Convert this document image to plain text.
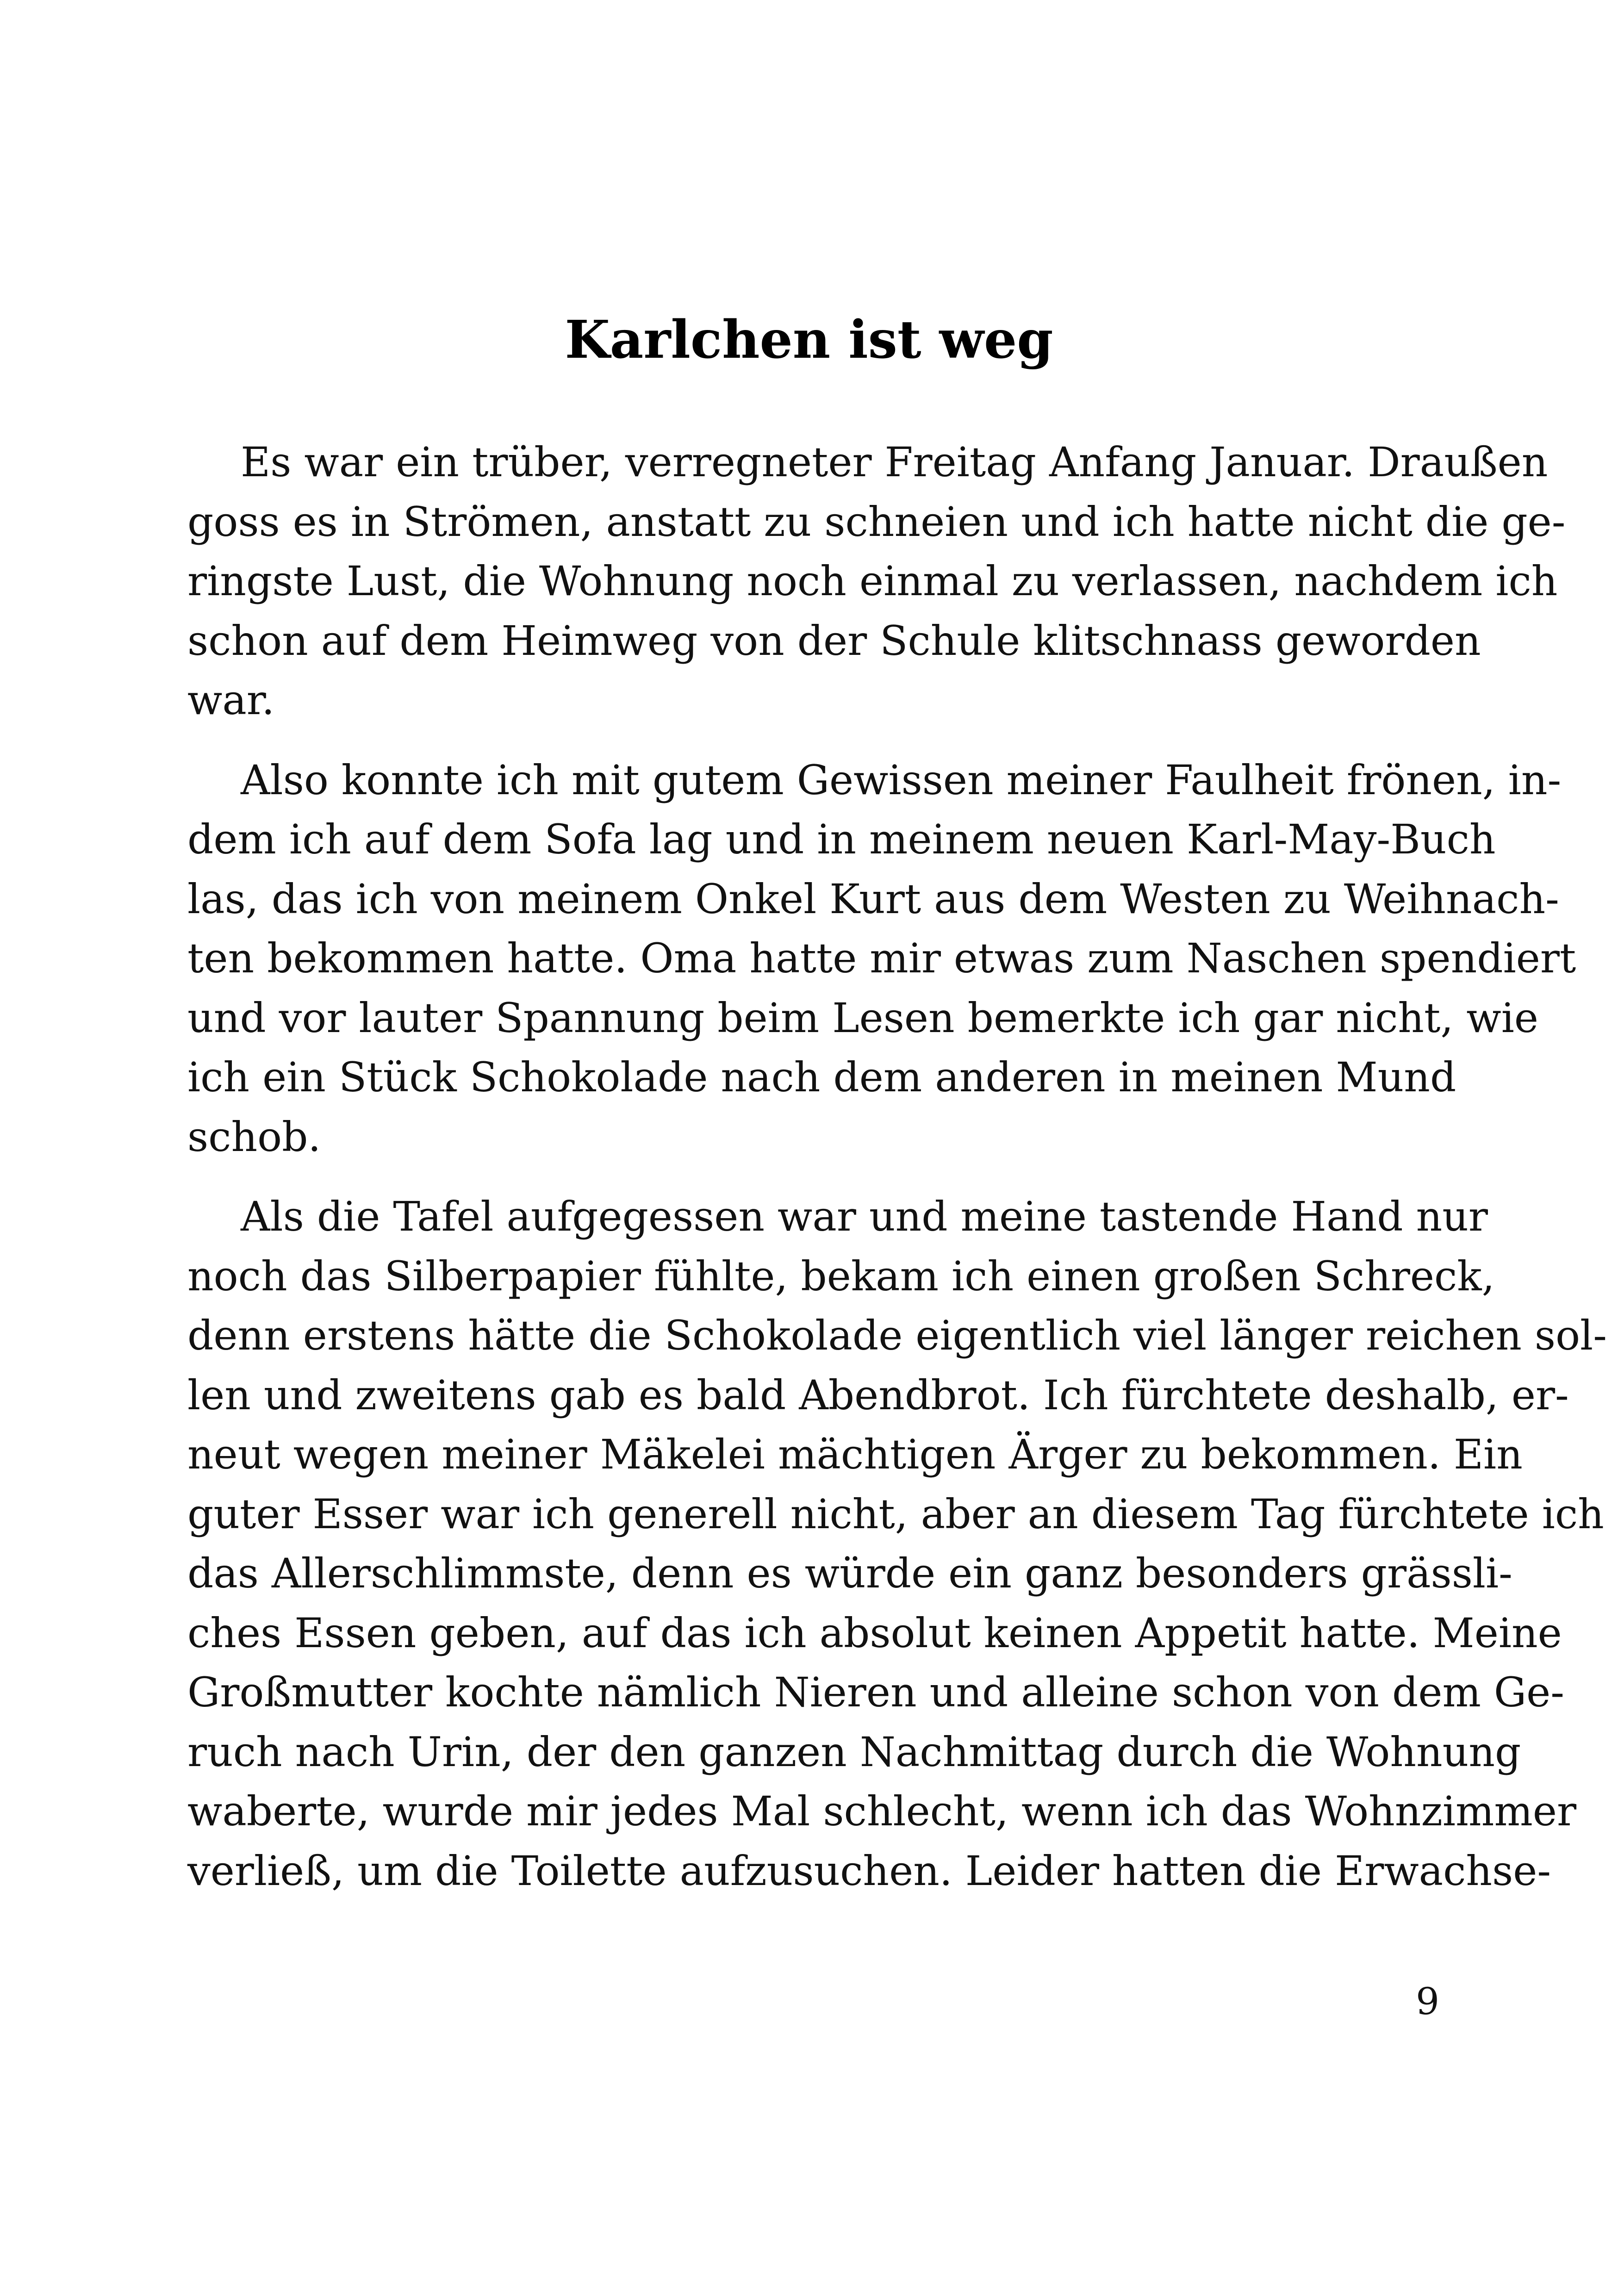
Karlchen ist weg

Es war ein trüber, verregneter Freitag Anfang Januar. Draußen
goss es in Strömen, anstatt zu schneien und ich hatte nicht die ge-
ringste Lust, die Wohnung noch einmal zu verlassen, nachdem ich
schon auf dem Heimweg von der Schule klitschnass geworden
war.

Also konnte ich mit gutem Gewissen meiner Faulheit frönen, in-
dem ich auf dem Sofa lag und in meinem neuen Karl-May-Buch
las, das ich von meinem Onkel Kurt aus dem Westen zu Weihnach-
ten bekommen hatte. Oma hatte mir etwas zum Naschen spendiert
und vor lauter Spannung beim Lesen bemerkte ich gar nicht, wie
ich ein Stück Schokolade nach dem anderen in meinen Mund
schob.

Als die Tafel aufgegessen war und meine tastende Hand nur
noch das Silberpapier fühlte, bekam ich einen großen Schreck,
denn erstens hätte die Schokolade eigentlich viel länger reichen sol-
len und zweitens gab es bald Abendbrot. Ich fürchtete deshalb, er-
neut wegen meiner Mäkelei mächtigen Ärger zu bekommen. Ein
guter Esser war ich generell nicht, aber an diesem Tag fürchtete ich
das Allerschlimmste, denn es würde ein ganz besonders grässli-
ches Essen geben, auf das ich absolut keinen Appetit hatte. Meine
Großmutter kochte nämlich Nieren und alleine schon von dem Ge-
ruch nach Urin, der den ganzen Nachmittag durch die Wohnung
waberte, wurde mir jedes Mal schlecht, wenn ich das Wohnzimmer
verließ, um die Toilette aufzusuchen. Leider hatten die Erwachse-

9
